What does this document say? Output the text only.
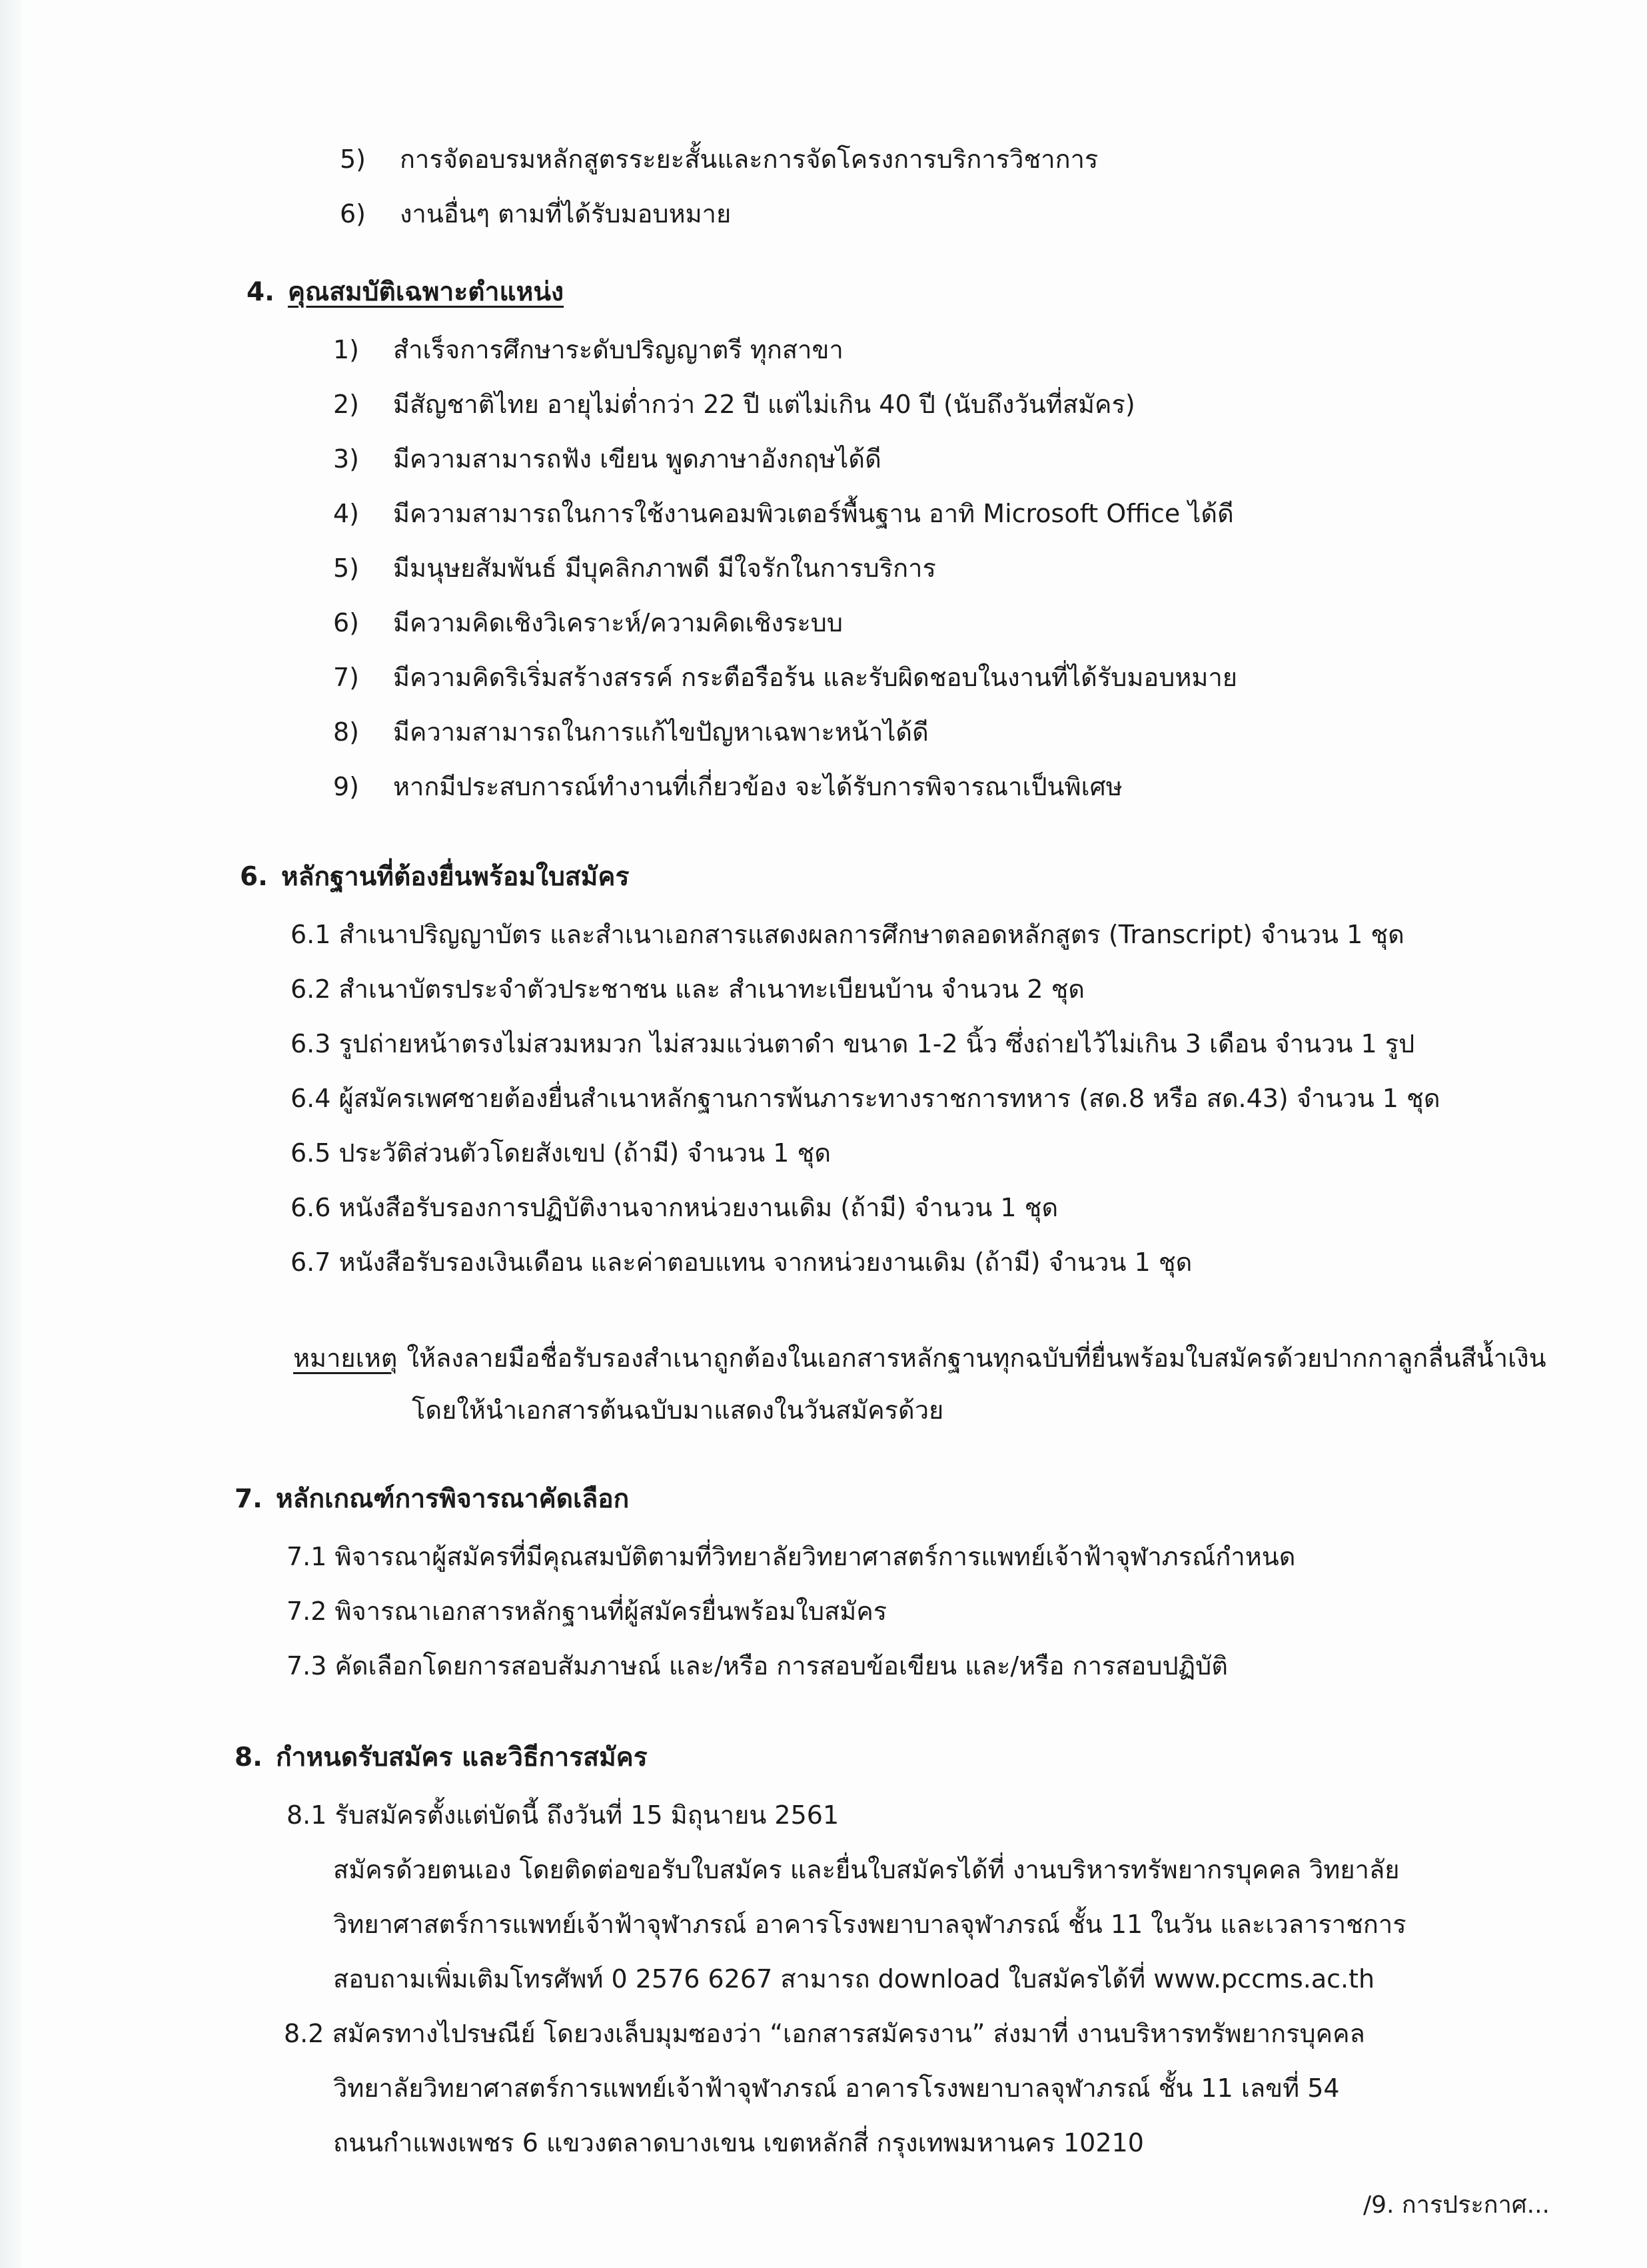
5) การจัดอบรมหลักสูตรระยะสั้นและการจัดโครงการบริการวิชาการ
6) งานอื่นๆ ตามที่ได้รับมอบหมาย
4. คุณสมบัติเฉพาะตำแหน่ง
1) สำเร็จการศึกษาระดับปริญญาตรี ทุกสาขา
2) มีสัญชาติไทย อายุไม่ต่ำกว่า 22 ปี แต่ไม่เกิน 40 ปี (นับถึงวันที่สมัคร)
3) มีความสามารถฟัง เขียน พูดภาษาอังกฤษได้ดี
4) มีความสามารถในการใช้งานคอมพิวเตอร์พื้นฐาน อาทิ Microsoft Office ได้ดี
5) มีมนุษยสัมพันธ์ มีบุคลิกภาพดี มีใจรักในการบริการ
6) มีความคิดเชิงวิเคราะห์/ความคิดเชิงระบบ
7) มีความคิดริเริ่มสร้างสรรค์ กระตือรือร้น และรับผิดชอบในงานที่ได้รับมอบหมาย
8) มีความสามารถในการแก้ไขปัญหาเฉพาะหน้าได้ดี
9) หากมีประสบการณ์ทำงานที่เกี่ยวข้อง จะได้รับการพิจารณาเป็นพิเศษ
6. หลักฐานที่ต้องยื่นพร้อมใบสมัคร
6.1 สำเนาปริญญาบัตร และสำเนาเอกสารแสดงผลการศึกษาตลอดหลักสูตร (Transcript) จำนวน 1 ชุด
6.2 สำเนาบัตรประจำตัวประชาชน และ สำเนาทะเบียนบ้าน จำนวน 2 ชุด
6.3 รูปถ่ายหน้าตรงไม่สวมหมวก ไม่สวมแว่นตาดำ ขนาด 1-2 นิ้ว ซึ่งถ่ายไว้ไม่เกิน 3 เดือน จำนวน 1 รูป
6.4 ผู้สมัครเพศชายต้องยื่นสำเนาหลักฐานการพ้นภาระทางราชการทหาร (สด.8 หรือ สด.43) จำนวน 1 ชุด
6.5 ประวัติส่วนตัวโดยสังเขป (ถ้ามี) จำนวน 1 ชุด
6.6 หนังสือรับรองการปฏิบัติงานจากหน่วยงานเดิม (ถ้ามี) จำนวน 1 ชุด
6.7 หนังสือรับรองเงินเดือน และค่าตอบแทน จากหน่วยงานเดิม (ถ้ามี) จำนวน 1 ชุด
หมายเหตุ ให้ลงลายมือชื่อรับรองสำเนาถูกต้องในเอกสารหลักฐานทุกฉบับที่ยื่นพร้อมใบสมัครด้วยปากกาลูกลื่นสีน้ำเงิน
โดยให้นำเอกสารต้นฉบับมาแสดงในวันสมัครด้วย
7. หลักเกณฑ์การพิจารณาคัดเลือก
7.1 พิจารณาผู้สมัครที่มีคุณสมบัติตามที่วิทยาลัยวิทยาศาสตร์การแพทย์เจ้าฟ้าจุฬาภรณ์กำหนด
7.2 พิจารณาเอกสารหลักฐานที่ผู้สมัครยื่นพร้อมใบสมัคร
7.3 คัดเลือกโดยการสอบสัมภาษณ์ และ/หรือ การสอบข้อเขียน และ/หรือ การสอบปฏิบัติ
8. กำหนดรับสมัคร และวิธีการสมัคร
8.1 รับสมัครตั้งแต่บัดนี้ ถึงวันที่ 15 มิถุนายน 2561
สมัครด้วยตนเอง โดยติดต่อขอรับใบสมัคร และยื่นใบสมัครได้ที่ งานบริหารทรัพยากรบุคคล วิทยาลัย
วิทยาศาสตร์การแพทย์เจ้าฟ้าจุฬาภรณ์ อาคารโรงพยาบาลจุฬาภรณ์ ชั้น 11 ในวัน และเวลาราชการ
สอบถามเพิ่มเติมโทรศัพท์ 0 2576 6267 สามารถ download ใบสมัครได้ที่ www.pccms.ac.th
8.2 สมัครทางไปรษณีย์ โดยวงเล็บมุมซองว่า “เอกสารสมัครงาน” ส่งมาที่ งานบริหารทรัพยากรบุคคล
วิทยาลัยวิทยาศาสตร์การแพทย์เจ้าฟ้าจุฬาภรณ์ อาคารโรงพยาบาลจุฬาภรณ์ ชั้น 11 เลขที่ 54
ถนนกำแพงเพชร 6 แขวงตลาดบางเขน เขตหลักสี่ กรุงเทพมหานคร 10210
/9. การประกาศ...
